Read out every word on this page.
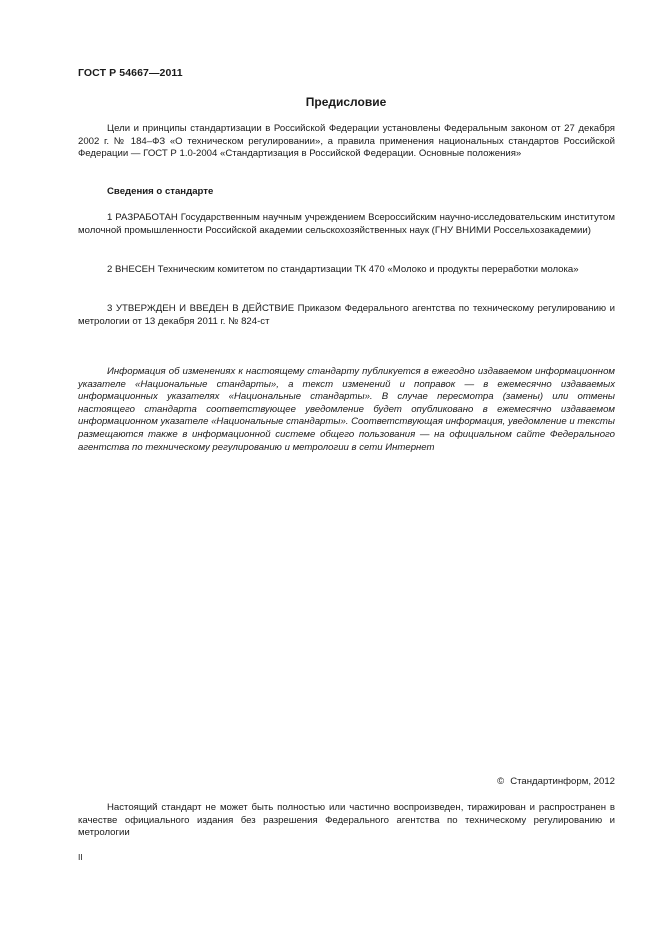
ГОСТ Р 54667—2011
Предисловие

Цели и принципы стандартизации в Российской Федерации установлены Федеральным законом от 27 декабря 2002 г. № 184–ФЗ «О техническом регулировании», а правила применения национальных стандартов Российской Федерации — ГОСТ Р 1.0-2004 «Стандартизация в Российской Федерации. Основные положения»

Сведения о стандарте

1 РАЗРАБОТАН Государственным научным учреждением Всероссийским научно-исследовательским институтом молочной промышленности Российской академии сельскохозяйственных наук (ГНУ ВНИМИ Россельхозакадемии)

2 ВНЕСЕН Техническим комитетом по стандартизации ТК 470 «Молоко и продукты переработки молока»

3 УТВЕРЖДЕН И ВВЕДЕН В ДЕЙСТВИЕ Приказом Федерального агентства по техническому регулированию и метрологии от 13 декабря 2011 г. № 824-ст

Информация об изменениях к настоящему стандарту публикуется в ежегодно издаваемом информационном указателе «Национальные стандарты», а текст изменений и поправок — в ежемесячно издаваемых информационных указателях «Национальные стандарты». В случае пересмотра (замены) или отмены настоящего стандарта соответствующее уведомление будет опубликовано в ежемесячно издаваемом информационном указателе «Национальные стандарты». Соответствующая информация, уведомление и тексты размещаются также в информационной системе общего пользования — на официальном сайте Федерального агентства по техническому регулированию и метрологии в сети Интернет

© Стандартинформ, 2012

Настоящий стандарт не может быть полностью или частично воспроизведен, тиражирован и распространен в качестве официального издания без разрешения Федерального агентства по техническому регулированию и метрологии

II
